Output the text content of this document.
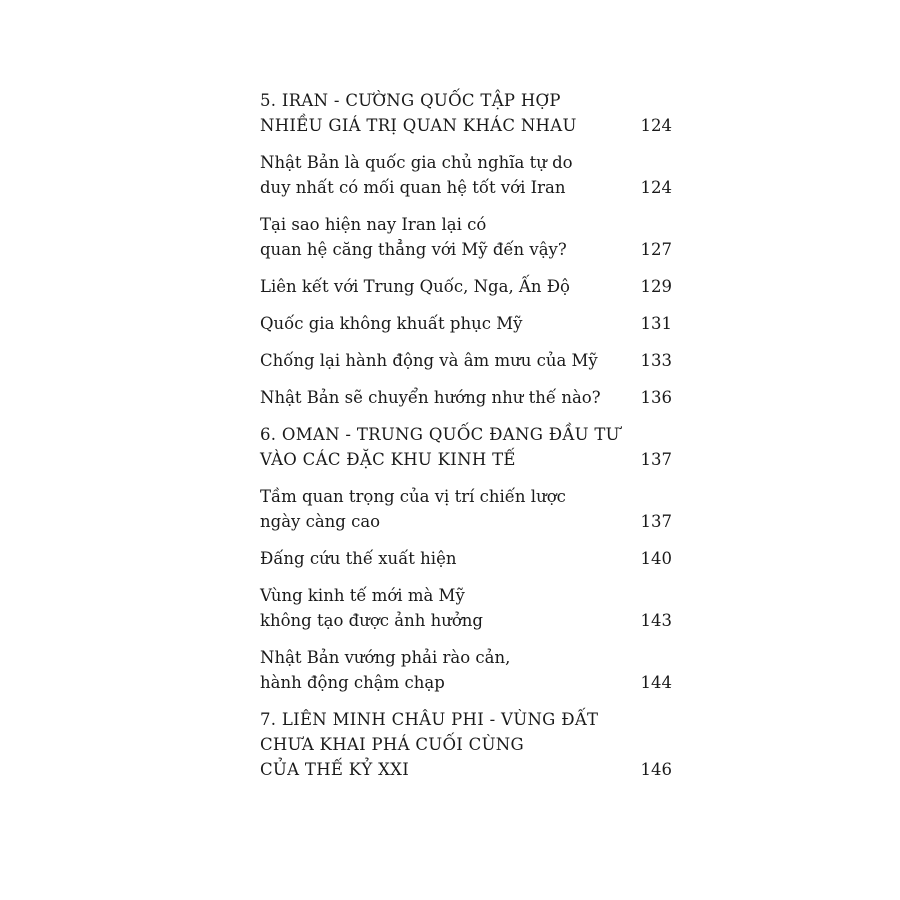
5. IRAN - CƯỜNG QUỐC TẬP HỢP
NHIỀU GIÁ TRỊ QUAN KHÁC NHAU	124
Nhật Bản là quốc gia chủ nghĩa tự do
duy nhất có mối quan hệ tốt với Iran	124
Tại sao hiện nay Iran lại có
quan hệ căng thẳng với Mỹ đến vậy?	127
Liên kết với Trung Quốc, Nga, Ấn Độ	129
Quốc gia không khuất phục Mỹ	131
Chống lại hành động và âm mưu của Mỹ	133
Nhật Bản sẽ chuyển hướng như thế nào?	136
6. OMAN - TRUNG QUỐC ĐANG ĐẦU TƯ
VÀO CÁC ĐẶC KHU KINH TẾ	137
Tầm quan trọng của vị trí chiến lược
ngày càng cao	137
Đấng cứu thế xuất hiện	140
Vùng kinh tế mới mà Mỹ
không tạo được ảnh hưởng	143
Nhật Bản vướng phải rào cản,
hành động chậm chạp	144
7. LIÊN MINH CHÂU PHI - VÙNG ĐẤT
CHƯA KHAI PHÁ CUỐI CÙNG
CỦA THẾ KỶ XXI	146
